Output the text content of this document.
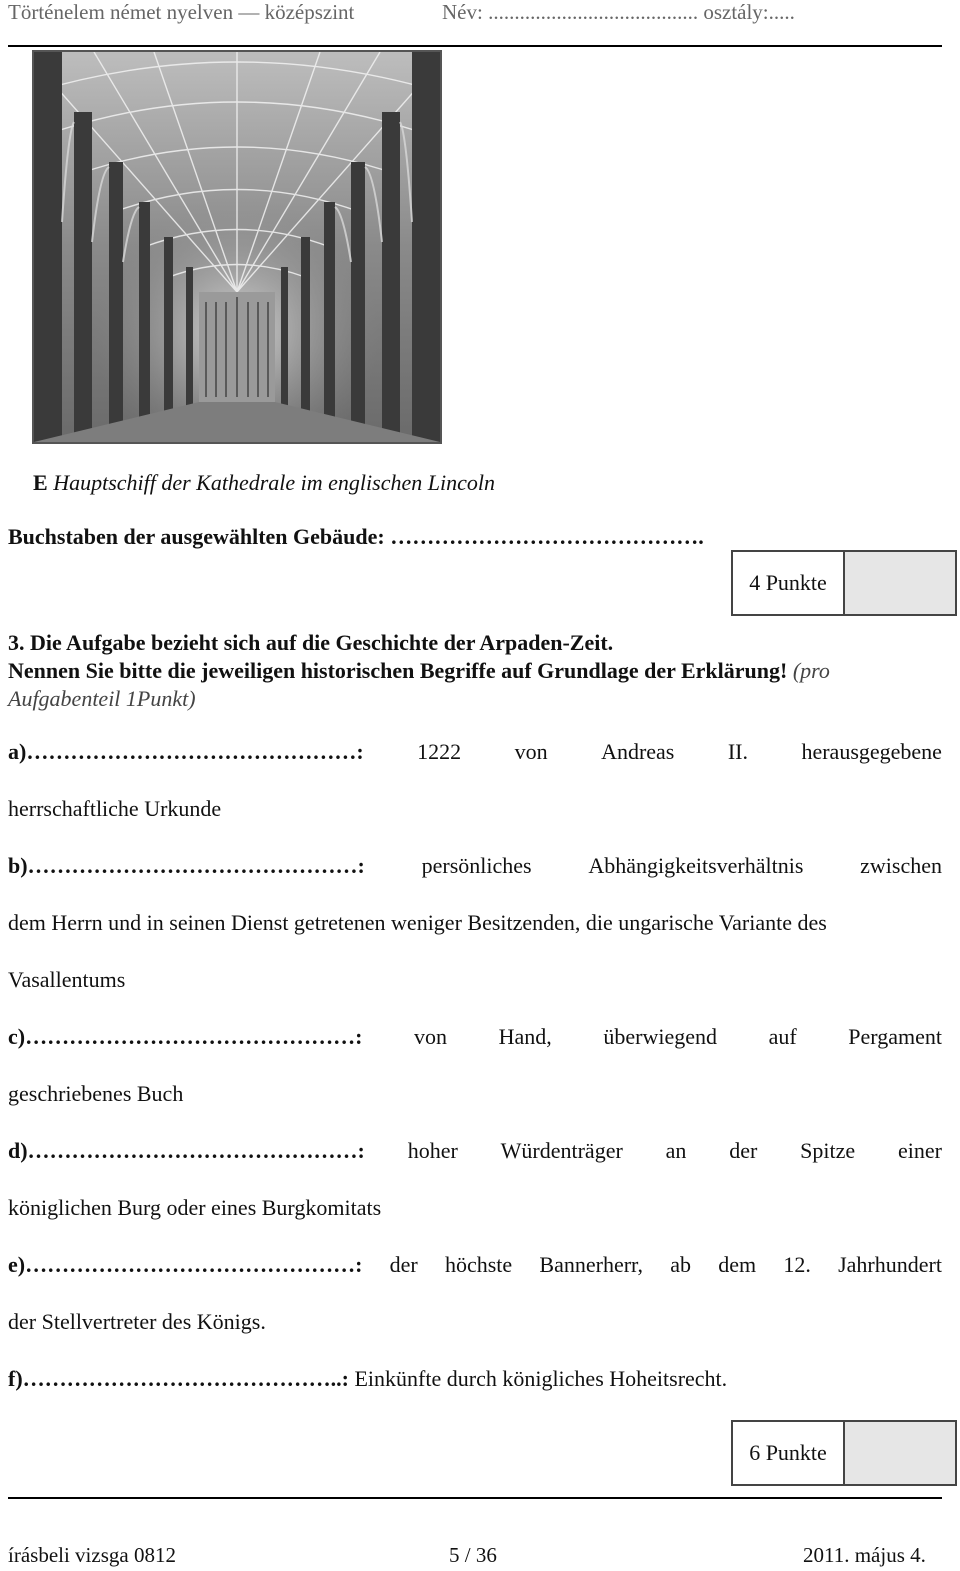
Történelem német nyelven — középszint	Név: ........................................ osztály:.....
E Hauptschiff der Kathedrale im englischen Lincoln
Buchstaben der ausgewählten Gebäude: …………………………………….
4 Punkte
3. Die Aufgabe bezieht sich auf die Geschichte der Arpaden-Zeit.
Nennen Sie bitte die jeweiligen historischen Begriffe auf Grundlage der Erklärung! (pro
Aufgabenteil 1Punkt)
a)………………………………………: 1222 von Andreas II. herausgegebene
herrschaftliche Urkunde
b)………………………………………:	persönliches	Abhängigkeitsverhältnis	zwischen
dem Herrn und in seinen Dienst getretenen weniger Besitzenden, die ungarische Variante des
Vasallentums
c)………………………………………: von Hand, überwiegend auf Pergament
geschriebenes Buch
d)………………………………………: hoher Würdenträger an der Spitze einer
königlichen Burg oder eines Burgkomitats
e)………………………………………: der höchste Bannerherr, ab dem 12. Jahrhundert
der Stellvertreter des Königs.
f)……………………………………..: Einkünfte durch königliches Hoheitsrecht.
6 Punkte
írásbeli vizsga 0812	5 / 36	2011. május 4.
